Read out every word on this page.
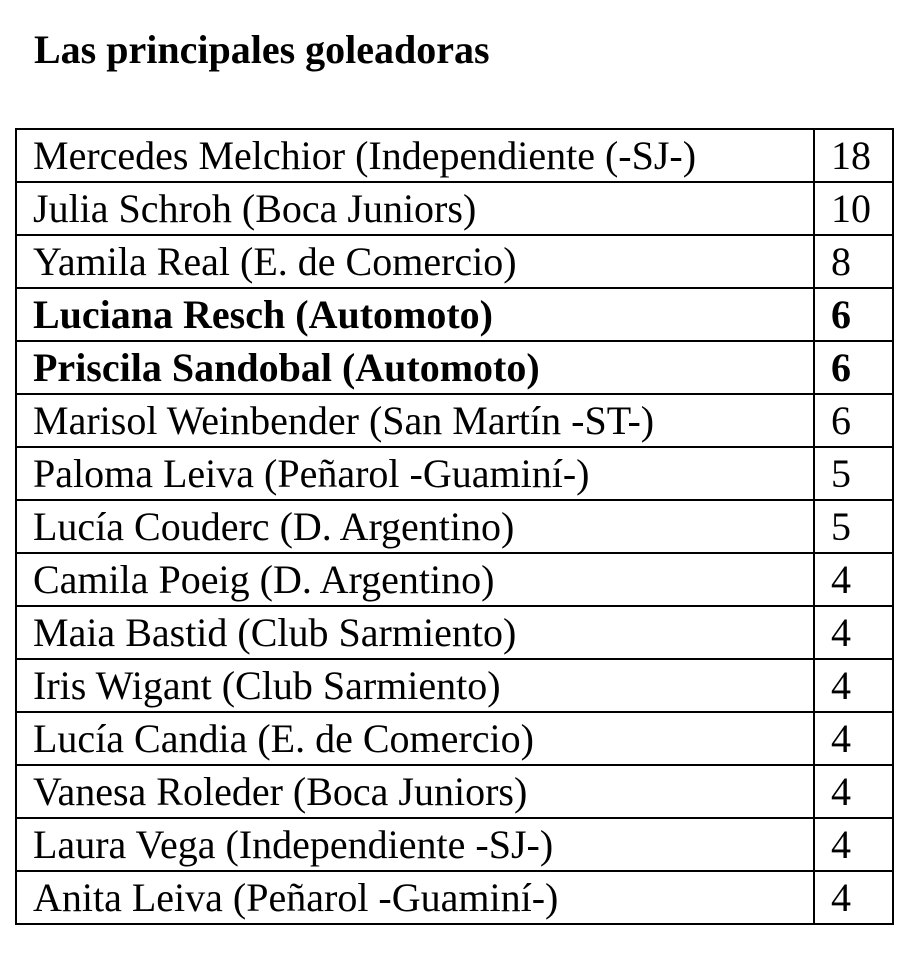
Las principales goleadoras
Mercedes Melchior (Independiente (-SJ-)	18
Julia Schroh (Boca Juniors)	10
Yamila Real (E. de Comercio)	8
Luciana Resch (Automoto)	6
Priscila Sandobal (Automoto)	6
Marisol Weinbender (San Martín -ST-)	6
Paloma Leiva (Peñarol -Guaminí-)	5
Lucía Couderc (D. Argentino)	5
Camila Poeig (D. Argentino)	4
Maia Bastid (Club Sarmiento)	4
Iris Wigant (Club Sarmiento)	4
Lucía Candia (E. de Comercio)	4
Vanesa Roleder (Boca Juniors)	4
Laura Vega (Independiente -SJ-)	4
Anita Leiva (Peñarol -Guaminí-)	4
